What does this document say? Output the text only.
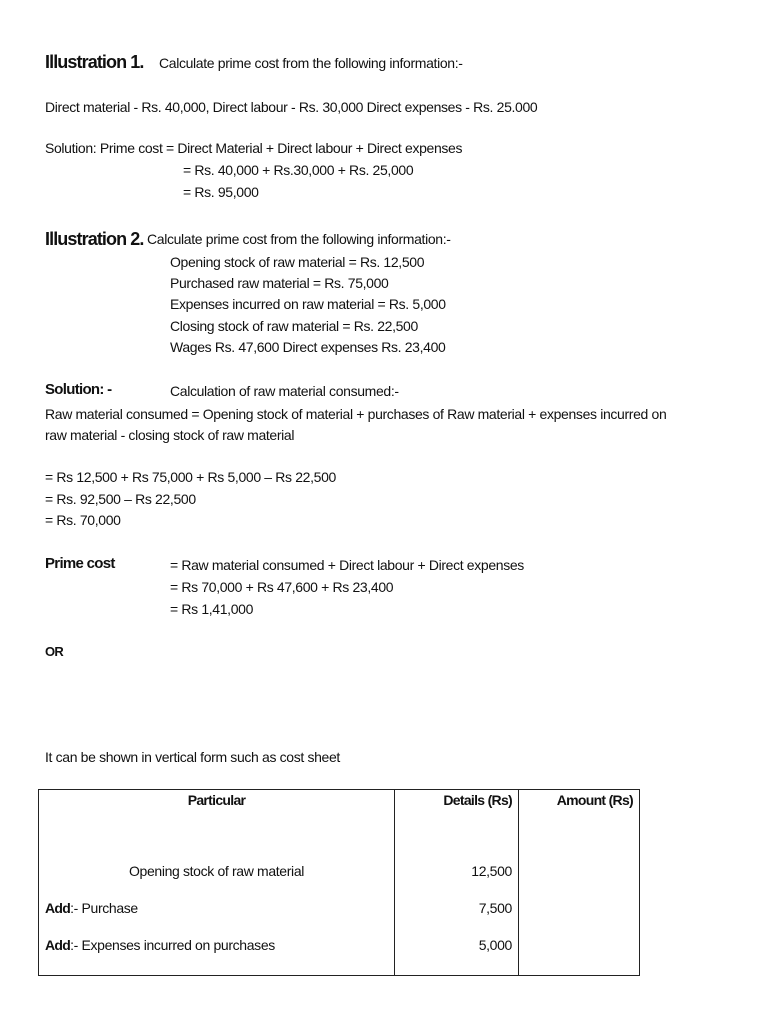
Illustration 1. Calculate prime cost from the following information:-
Direct material - Rs. 40,000, Direct labour - Rs. 30,000 Direct expenses - Rs. 25.000
Solution: Prime cost = Direct Material + Direct labour + Direct expenses
= Rs. 40,000 + Rs.30,000 + Rs. 25,000
= Rs. 95,000
Illustration 2. Calculate prime cost from the following information:-
Opening stock of raw material = Rs. 12,500
Purchased raw material = Rs. 75,000
Expenses incurred on raw material = Rs. 5,000
Closing stock of raw material = Rs. 22,500
Wages Rs. 47,600 Direct expenses Rs. 23,400
Solution: -	Calculation of raw material consumed:-
Raw material consumed = Opening stock of material + purchases of Raw material + expenses incurred on
raw material - closing stock of raw material
= Rs 12,500 + Rs 75,000 + Rs 5,000 – Rs 22,500
= Rs. 92,500 – Rs 22,500
= Rs. 70,000
Prime cost	= Raw material consumed + Direct labour + Direct expenses
= Rs 70,000 + Rs 47,600 + Rs 23,400
= Rs 1,41,000
OR
It can be shown in vertical form such as cost sheet
Particular	Details (Rs)	Amount (Rs)
Opening stock of raw material	12,500	
Add:- Purchase	7,500	
Add:- Expenses incurred on purchases	5,000	
